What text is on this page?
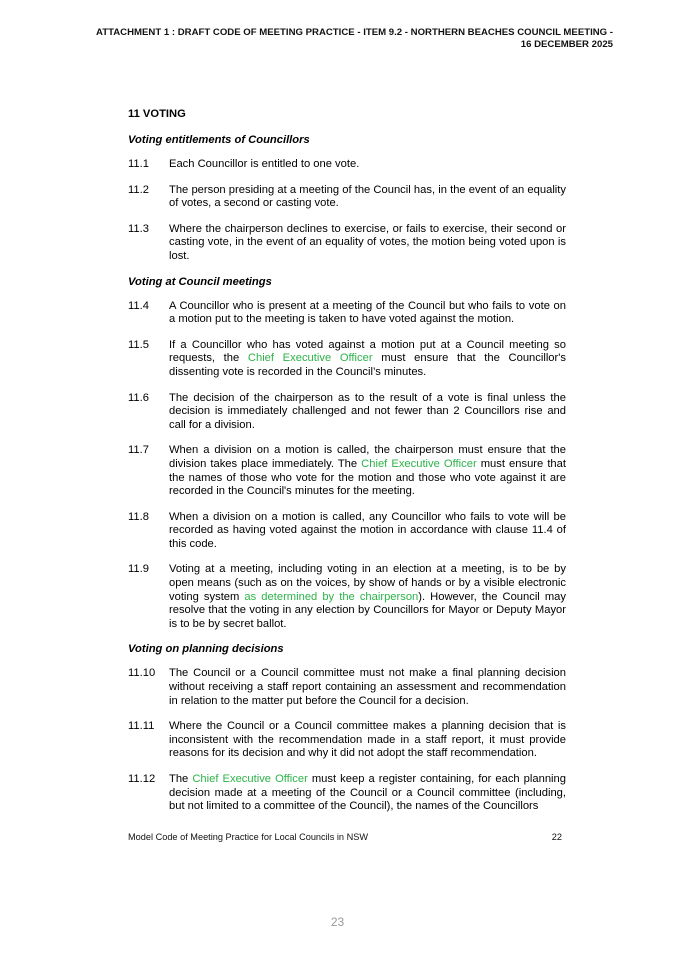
ATTACHMENT 1 : DRAFT CODE OF MEETING PRACTICE - ITEM 9.2 - NORTHERN BEACHES COUNCIL MEETING -
16 DECEMBER 2025
11 VOTING
Voting entitlements of Councillors
11.1	Each Councillor is entitled to one vote.
11.2	The person presiding at a meeting of the Council has, in the event of an equality of votes, a second or casting vote.
11.3	Where the chairperson declines to exercise, or fails to exercise, their second or casting vote, in the event of an equality of votes, the motion being voted upon is lost.
Voting at Council meetings
11.4	A Councillor who is present at a meeting of the Council but who fails to vote on a motion put to the meeting is taken to have voted against the motion.
11.5	If a Councillor who has voted against a motion put at a Council meeting so requests, the Chief Executive Officer must ensure that the Councillor's dissenting vote is recorded in the Council’s minutes.
11.6	The decision of the chairperson as to the result of a vote is final unless the decision is immediately challenged and not fewer than 2 Councillors rise and call for a division.
11.7	When a division on a motion is called, the chairperson must ensure that the division takes place immediately. The Chief Executive Officer must ensure that the names of those who vote for the motion and those who vote against it are recorded in the Council's minutes for the meeting.
11.8	When a division on a motion is called, any Councillor who fails to vote will be recorded as having voted against the motion in accordance with clause 11.4 of this code.
11.9	Voting at a meeting, including voting in an election at a meeting, is to be by open means (such as on the voices, by show of hands or by a visible electronic voting system as determined by the chairperson). However, the Council may resolve that the voting in any election by Councillors for Mayor or Deputy Mayor is to be by secret ballot.
Voting on planning decisions
11.10	The Council or a Council committee must not make a final planning decision without receiving a staff report containing an assessment and recommendation in relation to the matter put before the Council for a decision.
11.11	Where the Council or a Council committee makes a planning decision that is inconsistent with the recommendation made in a staff report, it must provide reasons for its decision and why it did not adopt the staff recommendation.
11.12	The Chief Executive Officer must keep a register containing, for each planning decision made at a meeting of the Council or a Council committee (including, but not limited to a committee of the Council), the names of the Councillors
Model Code of Meeting Practice for Local Councils in NSW	22
23
